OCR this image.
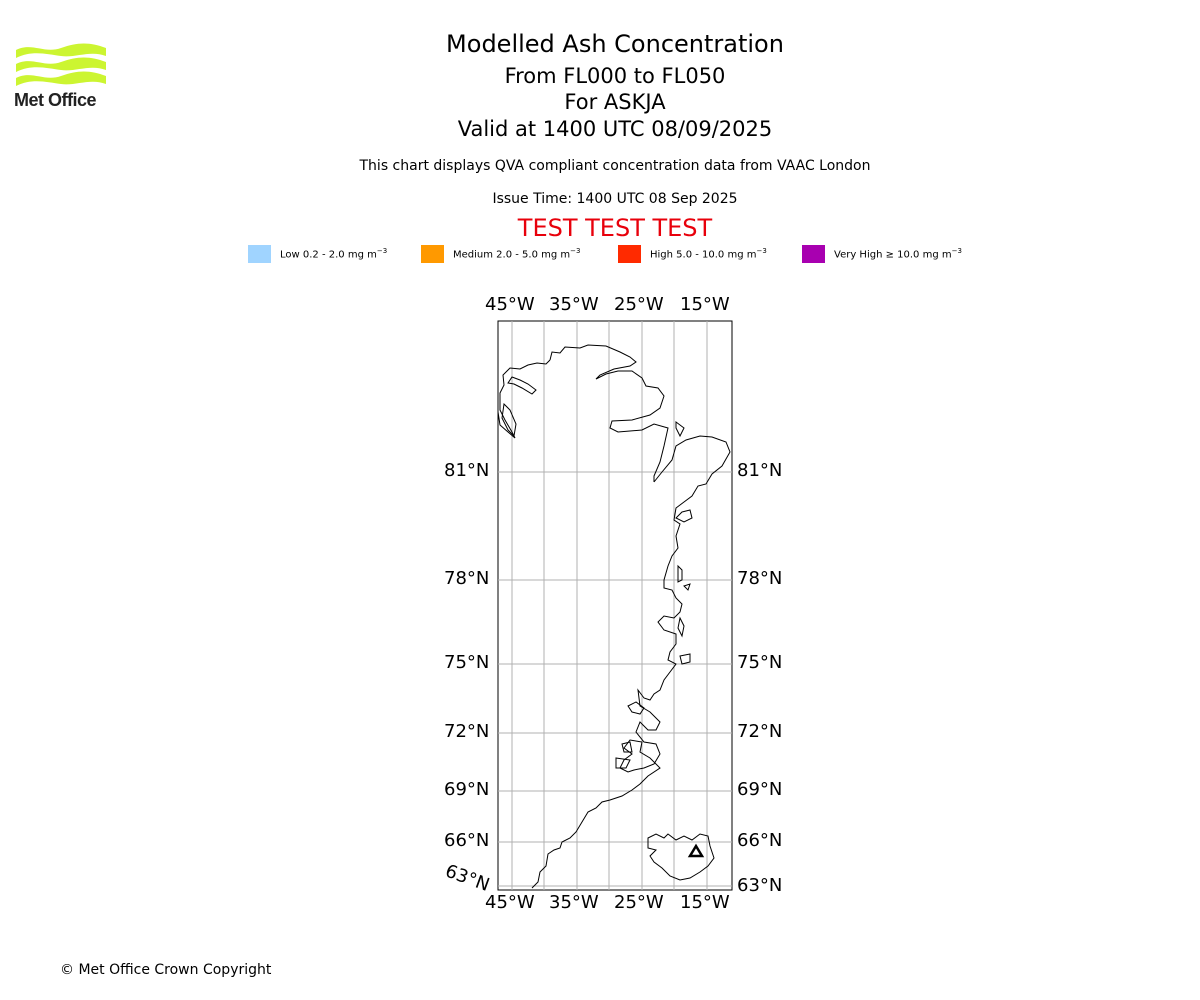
Met Office
Modelled Ash Concentration
From FL000 to FL050
For ASKJA
Valid at 1400 UTC 08/09/2025
This chart displays QVA compliant concentration data from VAAC London
Issue Time: 1400 UTC 08 Sep 2025
TEST TEST TEST
Low 0.2 - 2.0 mg $m^{-3}$	Medium 2.0 - 5.0 mg $m^{-3}$	High 5.0 - 10.0 mg $m^{-3}$	Very High ≥ 10.0 mg $m^{-3}$
45°W 35°W 25°W 15°W
45°W 35°W 25°W 15°W
81°N
78°N
75°N
72°N
69°N
66°N
63°N
81°N
78°N
75°N
72°N
69°N
66°N
63°N
© Met Office Crown Copyright
